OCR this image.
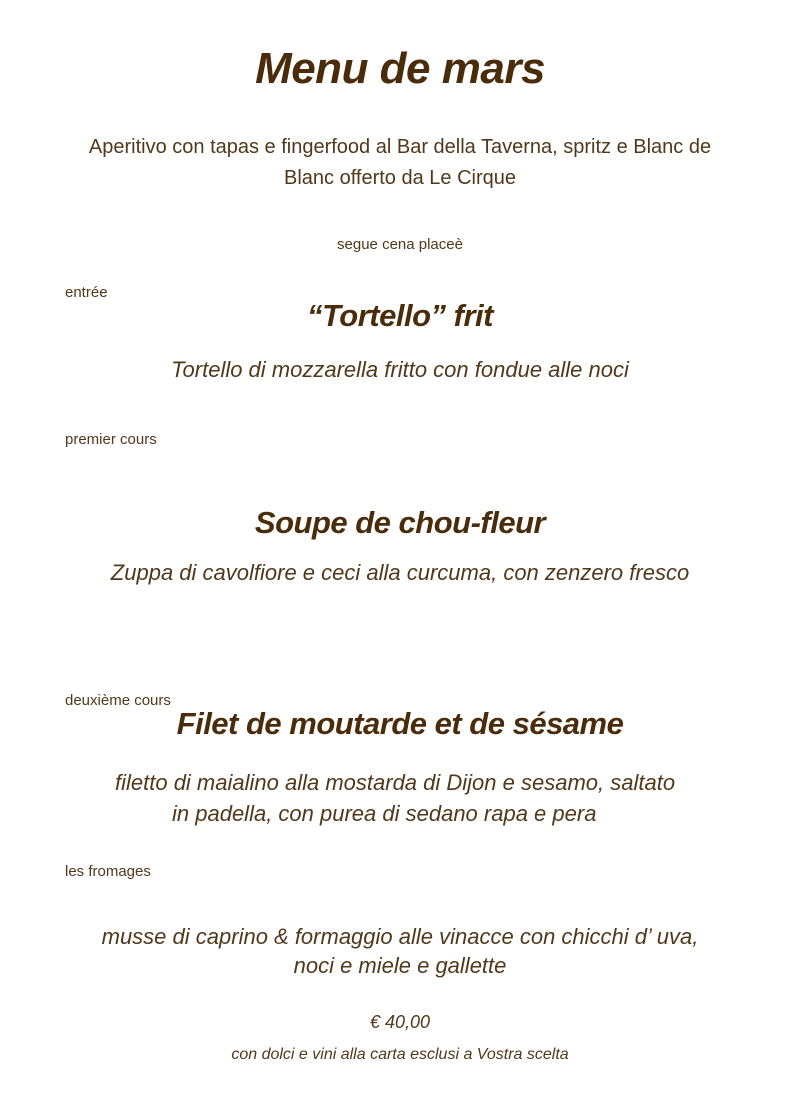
Menu de mars
Aperitivo con tapas e fingerfood al Bar della Taverna, spritz e Blanc de
Blanc offerto da Le Cirque
segue cena placeè
entrée
“Tortello” frit
Tortello di mozzarella fritto con fondue alle noci
premier cours
Soupe de chou-fleur
Zuppa di cavolfiore e ceci alla curcuma, con zenzero fresco
deuxième cours
Filet de moutarde et de sésame
filetto di maialino alla mostarda di Dijon e sesamo, saltato
in padella, con purea di sedano rapa e pera
les fromages
musse di caprino & formaggio alle vinacce con chicchi d’ uva,
noci e miele e gallette
€ 40,00
con dolci e vini alla carta esclusi a Vostra scelta
